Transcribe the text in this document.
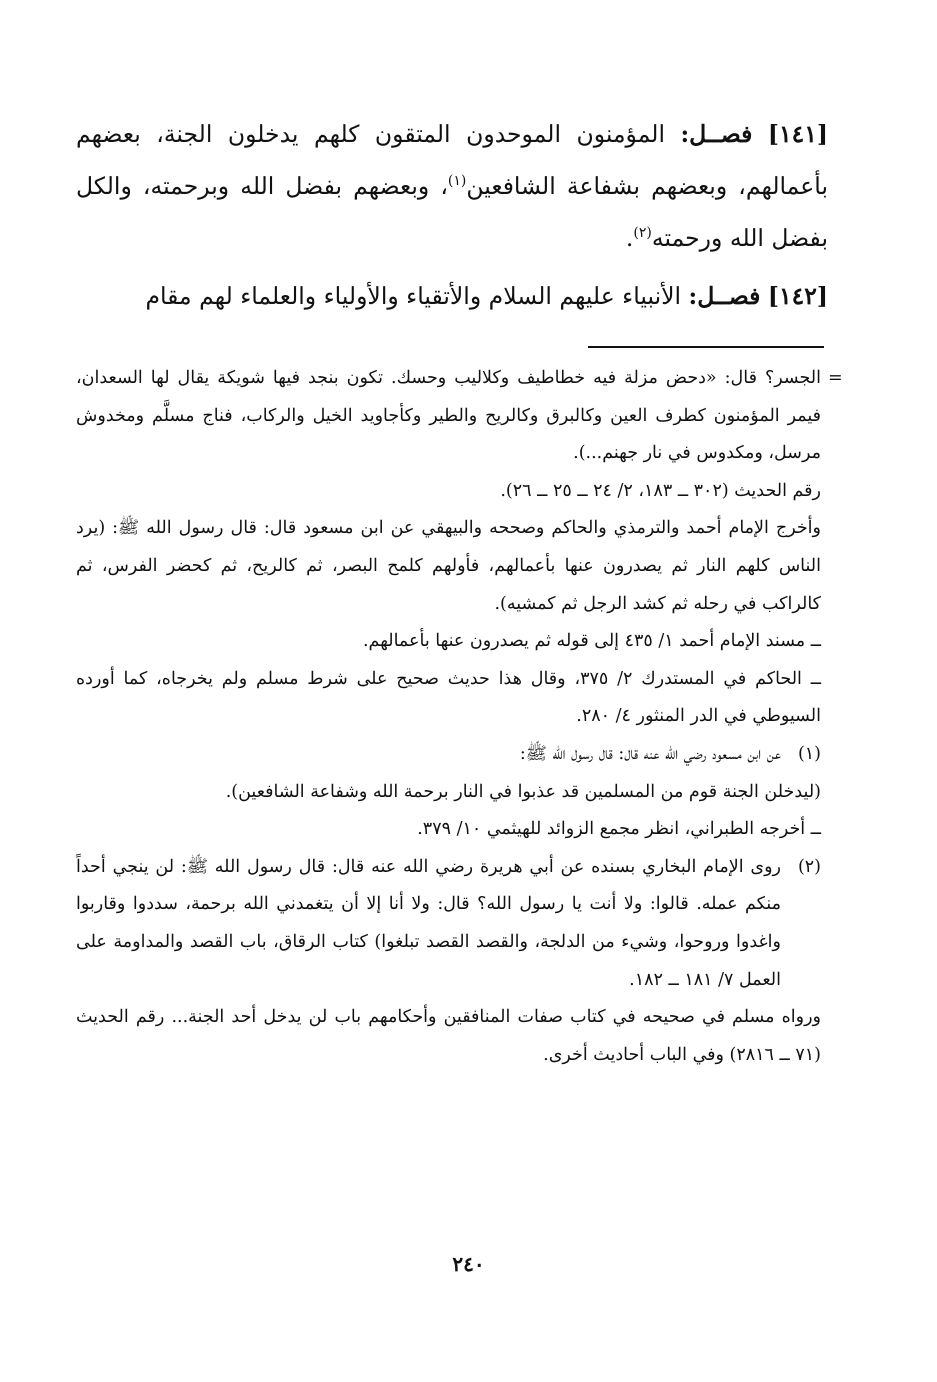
[١٤١] فصــل: المؤمنون الموحدون المتقون كلهم يدخلون الجنة، بعضهم بأعمالهم، وبعضهم بشفاعة الشافعين$^{(١)}$، وبعضهم بفضل الله وبرحمته، والكل بفضل الله ورحمته$^{(٢)}$.

[١٤٢] فصــل: الأنبياء عليهم السلام والأتقياء والأولياء والعلماء لهم مقام

=

الجسر؟ قال: «دحض مزلة فيه خطاطيف وكلاليب وحسك. تكون بنجد فيها شويكة يقال لها السعدان، فيمر المؤمنون كطرف العين وكالبرق وكالريح والطير وكأجاويد الخيل والركاب، فناج مسلَّم ومخدوش مرسل، ومكدوس في نار جهنم...).

رقم الحديث (٣٠٢ ــ ١٨٣، ٢/ ٢٤ ــ ٢٥ ــ ٢٦).

وأخرج الإمام أحمد والترمذي والحاكم وصححه والبيهقي عن ابن مسعود قال: قال رسول الله ﷺ: (يرد الناس كلهم النار ثم يصدرون عنها بأعمالهم، فأولهم كلمح البصر، ثم كالريح، ثم كحضر الفرس، ثم كالراكب في رحله ثم كشد الرجل ثم كمشيه).

ــ مسند الإمام أحمد ١/ ٤٣٥ إلى قوله ثم يصدرون عنها بأعمالهم.

ــ الحاكم في المستدرك ٢/ ٣٧٥، وقال هذا حديث صحيح على شرط مسلم ولم يخرجاه، كما أورده السيوطي في الدر المنثور ٤/ ٢٨٠.

(١)

عن ابن مسعود رضي الله عنه قال: قال رسول الله ﷺ:

(ليدخلن الجنة قوم من المسلمين قد عذبوا في النار برحمة الله وشفاعة الشافعين).

ــ أخرجه الطبراني، انظر مجمع الزوائد للهيثمي ١٠/ ٣٧٩.

(٢)

روى الإمام البخاري بسنده عن أبي هريرة رضي الله عنه قال: قال رسول الله ﷺ: لن ينجي أحداً منكم عمله. قالوا: ولا أنت يا رسول الله؟ قال: ولا أنا إلا أن يتغمدني الله برحمة، سددوا وقاربوا واغدوا وروحوا، وشيء من الدلجة، والقصد القصد تبلغوا) كتاب الرقاق، باب القصد والمداومة على العمل ٧/ ١٨١ ــ ١٨٢.

ورواه مسلم في صحيحه في كتاب صفات المنافقين وأحكامهم باب لن يدخل أحد الجنة... رقم الحديث (٧١ ــ ٢٨١٦) وفي الباب أحاديث أخرى.

٢٤٠
